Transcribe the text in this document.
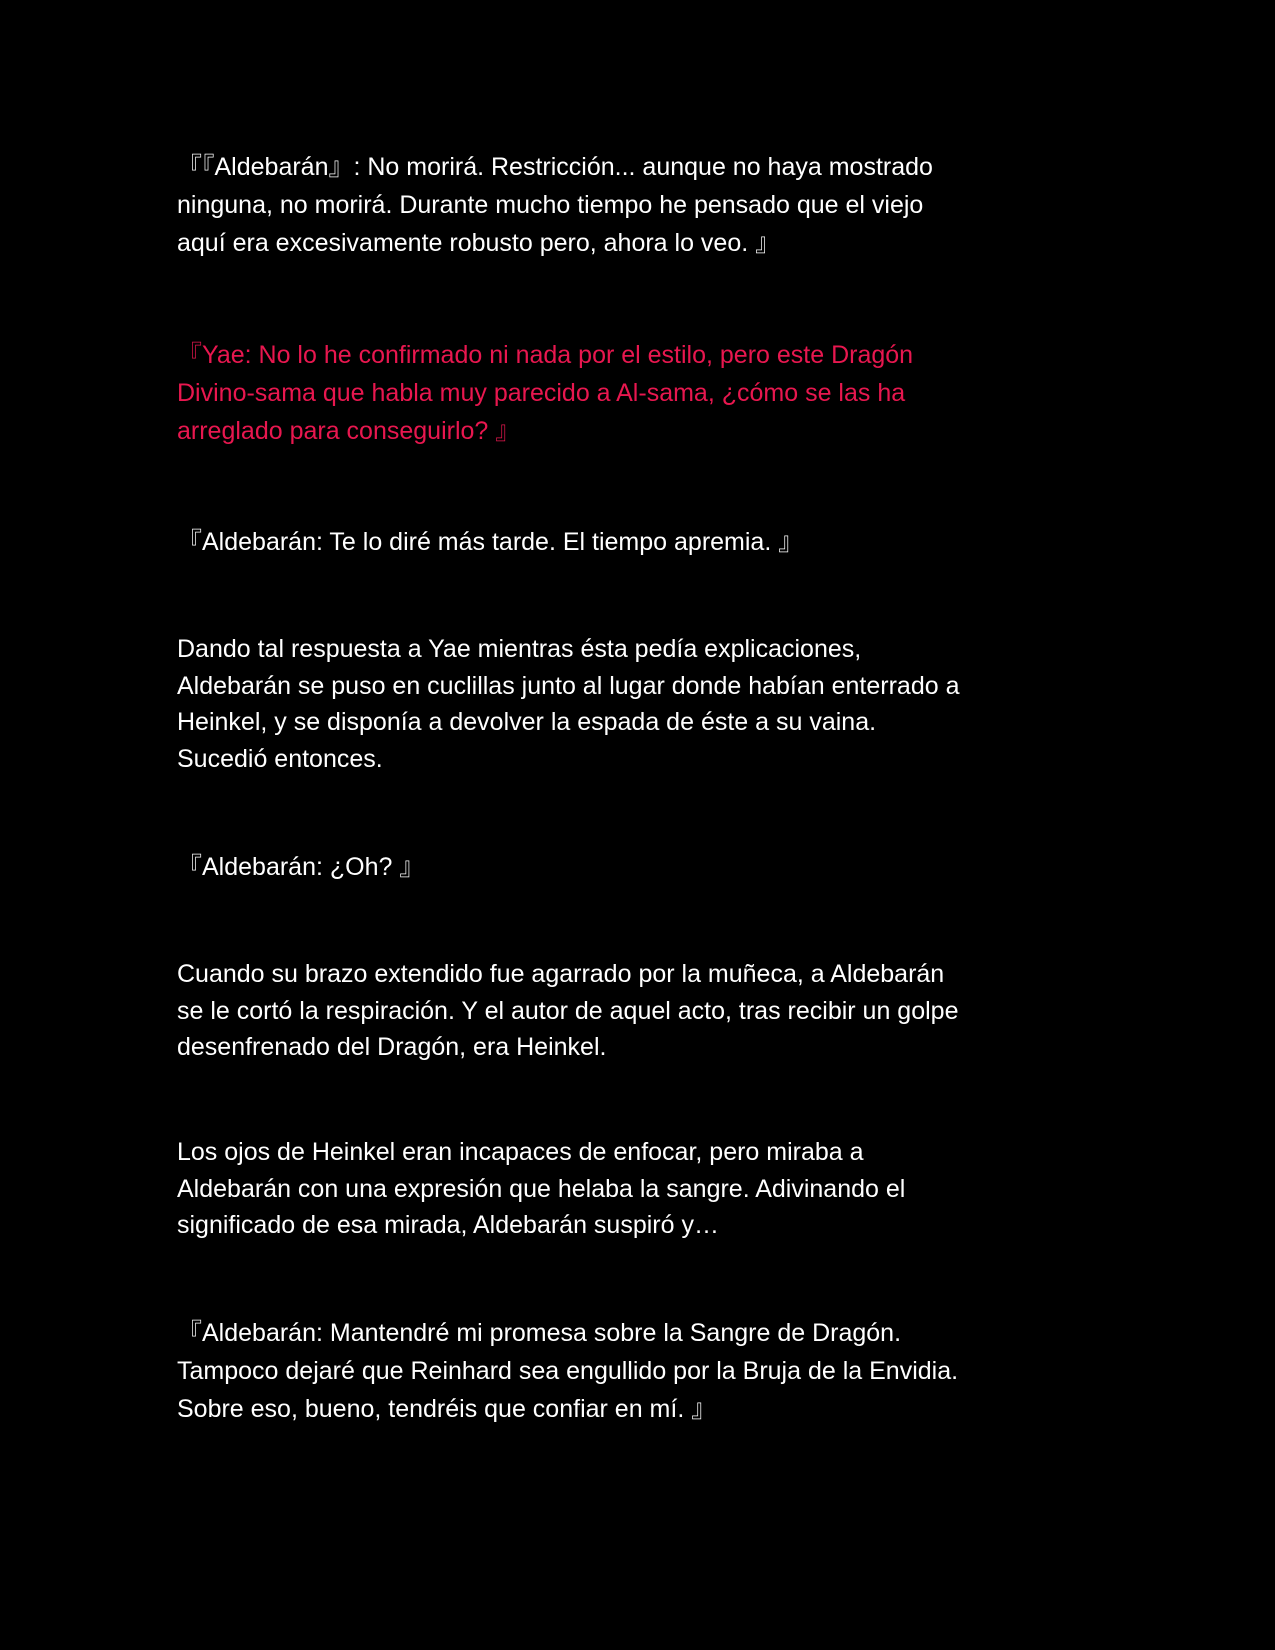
『『Aldebarán』: No morirá. Restricción... aunque no haya mostrado
ninguna, no morirá. Durante mucho tiempo he pensado que el viejo
aquí era excesivamente robusto pero, ahora lo veo. 』

『Yae: No lo he confirmado ni nada por el estilo, pero este Dragón
Divino-sama que habla muy parecido a Al-sama, ¿cómo se las ha
arreglado para conseguirlo? 』

『Aldebarán: Te lo diré más tarde. El tiempo apremia. 』

Dando tal respuesta a Yae mientras ésta pedía explicaciones,
Aldebarán se puso en cuclillas junto al lugar donde habían enterrado a
Heinkel, y se disponía a devolver la espada de éste a su vaina.
Sucedió entonces.

『Aldebarán: ¿Oh? 』

Cuando su brazo extendido fue agarrado por la muñeca, a Aldebarán
se le cortó la respiración. Y el autor de aquel acto, tras recibir un golpe
desenfrenado del Dragón, era Heinkel.

Los ojos de Heinkel eran incapaces de enfocar, pero miraba a
Aldebarán con una expresión que helaba la sangre. Adivinando el
significado de esa mirada, Aldebarán suspiró y…

『Aldebarán: Mantendré mi promesa sobre la Sangre de Dragón.
Tampoco dejaré que Reinhard sea engullido por la Bruja de la Envidia.
Sobre eso, bueno, tendréis que confiar en mí. 』
